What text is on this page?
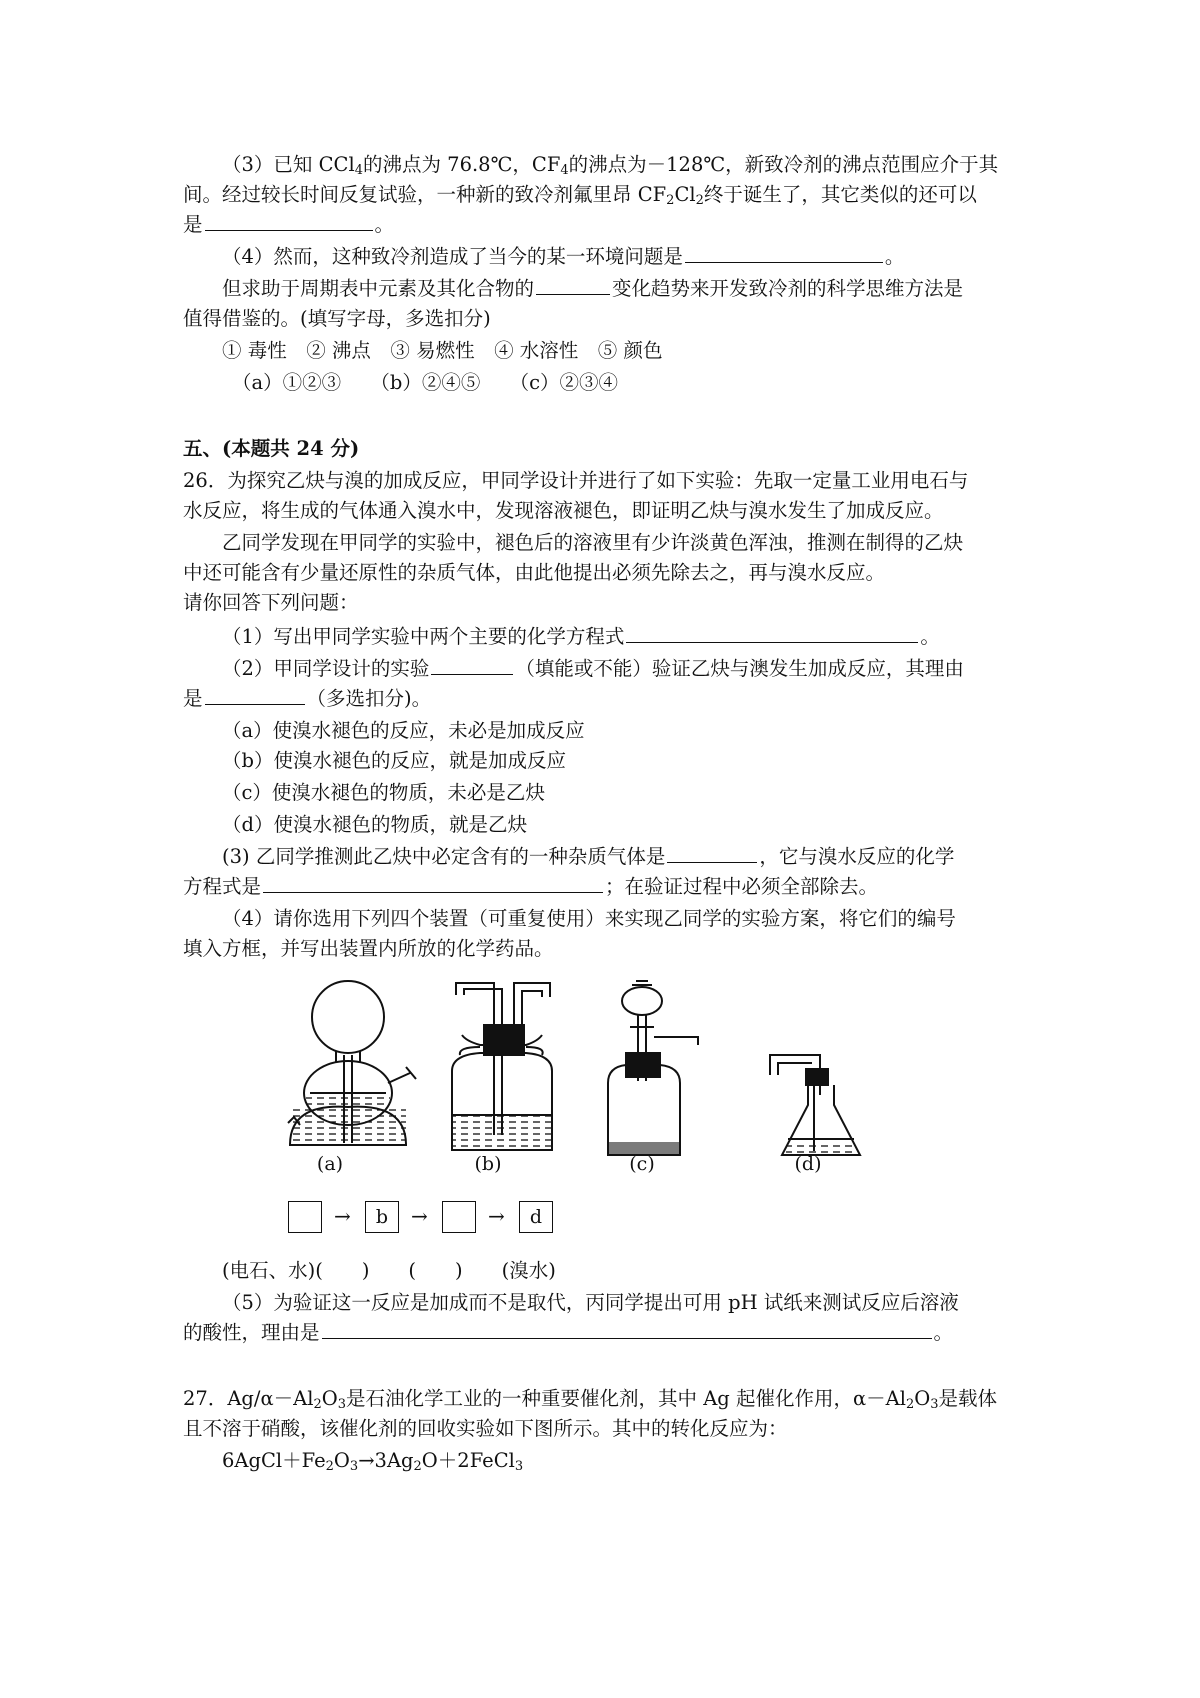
（3）已知 CCl$_4$的沸点为 76.8℃，$CF_4$的沸点为－128℃，新致冷剂的沸点范围应介于其
间。经过较长时间反复试验，一种新的致冷剂氟里昂 $CF_2Cl_2$终于诞生了，其它类似的还可以
是	。
（4）然而，这种致冷剂造成了当今的某一环境问题是	。
但求助于周期表中元素及其化合物的	变化趋势来开发致冷剂的科学思维方法是
值得借鉴的。(填写字母，多选扣分)
① 毒性　② 沸点　③ 易燃性　④ 水溶性　⑤ 颜色
（a）①②③　　（b）②④⑤　　（c）②③④
五、(本题共 24 分)
26．为探究乙炔与溴的加成反应，甲同学设计并进行了如下实验：先取一定量工业用电石与
水反应，将生成的气体通入溴水中，发现溶液褪色，即证明乙炔与溴水发生了加成反应。
乙同学发现在甲同学的实验中，褪色后的溶液里有少许淡黄色浑浊，推测在制得的乙炔
中还可能含有少量还原性的杂质气体，由此他提出必须先除去之，再与溴水反应。
请你回答下列问题：
（1）写出甲同学实验中两个主要的化学方程式	。
（2）甲同学设计的实验	（填能或不能）验证乙炔与澳发生加成反应，其理由
是	（多选扣分)。
（a）使溴水褪色的反应，未必是加成反应
（b）使溴水褪色的反应，就是加成反应
（c）使溴水褪色的物质，未必是乙炔
（d）使溴水褪色的物质，就是乙炔
(3) 乙同学推测此乙炔中必定含有的一种杂质气体是	，它与溴水反应的化学
方程式是	；在验证过程中必须全部除去。
（4）请你选用下列四个装置（可重复使用）来实现乙同学的实验方案，将它们的编号
填入方框，并写出装置内所放的化学药品。
(a)	(b)	(c)	(d)
→	b	→	→	d
(电石、水)(　　)　　(　　)　　(溴水)
（5）为验证这一反应是加成而不是取代，丙同学提出可用 pH 试纸来测试反应后溶液
的酸性，理由是	。
27．$Ag/\alpha-Al_2O_3$是石油化学工业的一种重要催化剂，其中 Ag 起催化作用，$\alpha-Al_2O_3$是载体
且不溶于硝酸，该催化剂的回收实验如下图所示。其中的转化反应为：
$6AgCl+Fe_2O_3\to 3Ag_2O+2FeCl_3$
